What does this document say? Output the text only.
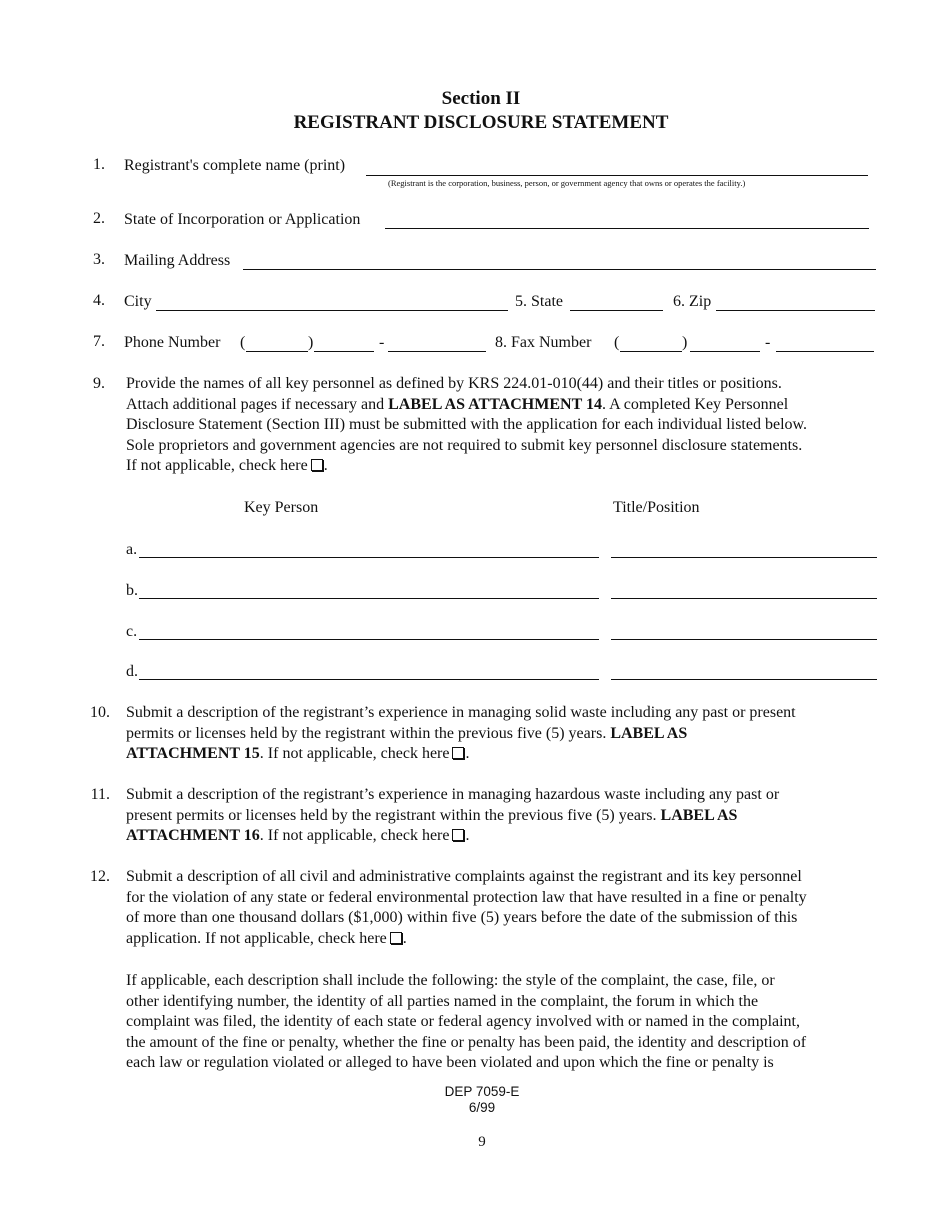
Section II
REGISTRANT DISCLOSURE STATEMENT
1. Registrant's complete name (print)
(Registrant is the corporation, business, person, or government agency that owns or operates the facility.)
2. State of Incorporation or Application
3. Mailing Address
4. City	5. State	6. Zip
7. Phone Number (	)	-	8. Fax Number (	)	-
9. Provide the names of all key personnel as defined by KRS 224.01-010(44) and their titles or positions.
Attach additional pages if necessary and LABEL AS ATTACHMENT 14. A completed Key Personnel
Disclosure Statement (Section III) must be submitted with the application for each individual listed below.
Sole proprietors and government agencies are not required to submit key personnel disclosure statements.
If not applicable, check here .
Key Person	Title/Position
a.
b.
c.
d.
10. Submit a description of the registrant’s experience in managing solid waste including any past or present
permits or licenses held by the registrant within the previous five (5) years. LABEL AS
ATTACHMENT 15. If not applicable, check here .
11. Submit a description of the registrant’s experience in managing hazardous waste including any past or
present permits or licenses held by the registrant within the previous five (5) years. LABEL AS
ATTACHMENT 16. If not applicable, check here .
12. Submit a description of all civil and administrative complaints against the registrant and its key personnel
for the violation of any state or federal environmental protection law that have resulted in a fine or penalty
of more than one thousand dollars ($1,000) within five (5) years before the date of the submission of this
application. If not applicable, check here .
If applicable, each description shall include the following: the style of the complaint, the case, file, or
other identifying number, the identity of all parties named in the complaint, the forum in which the
complaint was filed, the identity of each state or federal agency involved with or named in the complaint,
the amount of the fine or penalty, whether the fine or penalty has been paid, the identity and description of
each law or regulation violated or alleged to have been violated and upon which the fine or penalty is
DEP 7059-E
6/99
9
